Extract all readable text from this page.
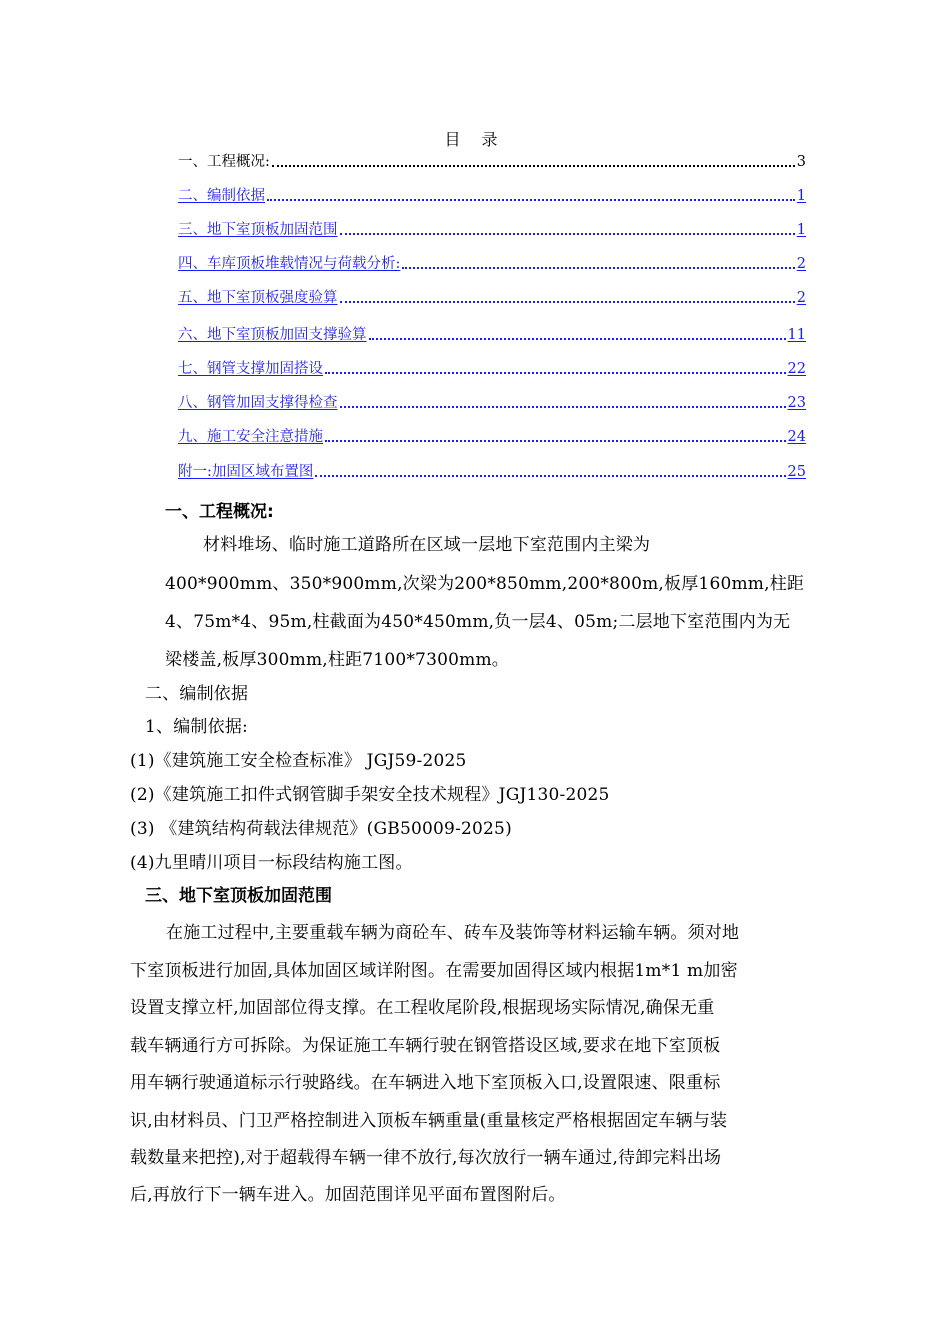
目 录
一、工程概况:	3
二、编制依据	1
三、地下室顶板加固范围	1
四、车库顶板堆载情况与荷载分析:	2
五、地下室顶板强度验算	2
六、地下室顶板加固支撑验算	11
七、钢管支撑加固搭设	22
八、钢管加固支撑得检查	23
九、施工安全注意措施	24
附一:加固区域布置图	25
一、工程概况:
材料堆场、临时施工道路所在区域一层地下室范围内主梁为
400*900mm、350*900mm,次梁为200*850mm,200*800m,板厚160mm,柱距
4、75m*4、95m,柱截面为450*450mm,负一层4、05m;二层地下室范围内为无
梁楼盖,板厚300mm,柱距7100*7300mm。
二、编制依据
1、编制依据:
(1)《建筑施工安全检查标准》 JGJ59-2025
(2)《建筑施工扣件式钢管脚手架安全技术规程》JGJ130-2025
(3) 《建筑结构荷载法律规范》(GB50009-2025)
(4)九里晴川项目一标段结构施工图。
三、地下室顶板加固范围
在施工过程中,主要重载车辆为商砼车、砖车及装饰等材料运输车辆。须对地
下室顶板进行加固,具体加固区域详附图。在需要加固得区域内根据1m*1 m加密
设置支撑立杆,加固部位得支撑。在工程收尾阶段,根据现场实际情况,确保无重
载车辆通行方可拆除。为保证施工车辆行驶在钢管搭设区域,要求在地下室顶板
用车辆行驶通道标示行驶路线。在车辆进入地下室顶板入口,设置限速、限重标
识,由材料员、门卫严格控制进入顶板车辆重量(重量核定严格根据固定车辆与装
载数量来把控),对于超载得车辆一律不放行,每次放行一辆车通过,待卸完料出场
后,再放行下一辆车进入。加固范围详见平面布置图附后。
